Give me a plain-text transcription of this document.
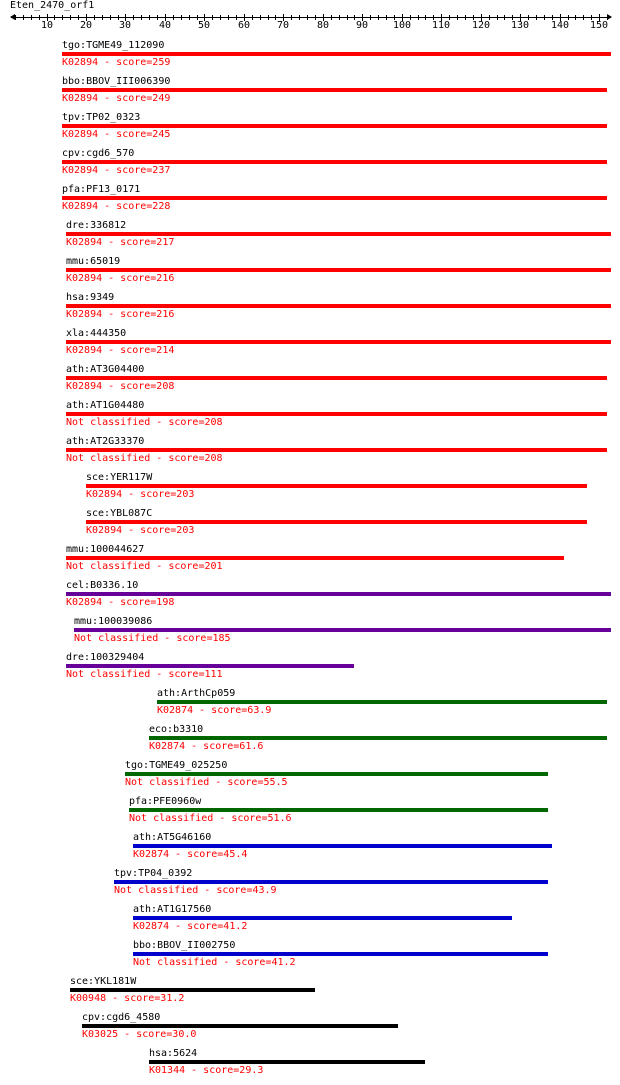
Eten_2470_orf1
10	20	30	40	50	60	70	80	90 100 110 120 130 140 150
tgo:TGME49_112090
K02894 - score=259
bbo:BBOV_III006390
K02894 - score=249
tpv:TP02_0323
K02894 - score=245
cpv:cgd6_570
K02894 - score=237
pfa:PF13_0171
K02894 - score=228
dre:336812
K02894 - score=217
mmu:65019
K02894 - score=216
hsa:9349
K02894 - score=216
xla:444350
K02894 - score=214
ath:AT3G04400
K02894 - score=208
ath:AT1G04480
Not classified - score=208
ath:AT2G33370
Not classified - score=208
sce:YER117W
K02894 - score=203
sce:YBL087C
K02894 - score=203
mmu:100044627
Not classified - score=201
cel:B0336.10
K02894 - score=198
mmu:100039086
Not classified - score=185
dre:100329404
Not classified - score=111
ath:ArthCp059
K02874 - score=63.9
eco:b3310
K02874 - score=61.6
tgo:TGME49_025250
Not classified - score=55.5
pfa:PFE0960w
Not classified - score=51.6
ath:AT5G46160
K02874 - score=45.4
tpv:TP04_0392
Not classified - score=43.9
ath:AT1G17560
K02874 - score=41.2
bbo:BBOV_II002750
Not classified - score=41.2
sce:YKL181W
K00948 - score=31.2
cpv:cgd6_4580
K03025 - score=30.0
hsa:5624
K01344 - score=29.3
